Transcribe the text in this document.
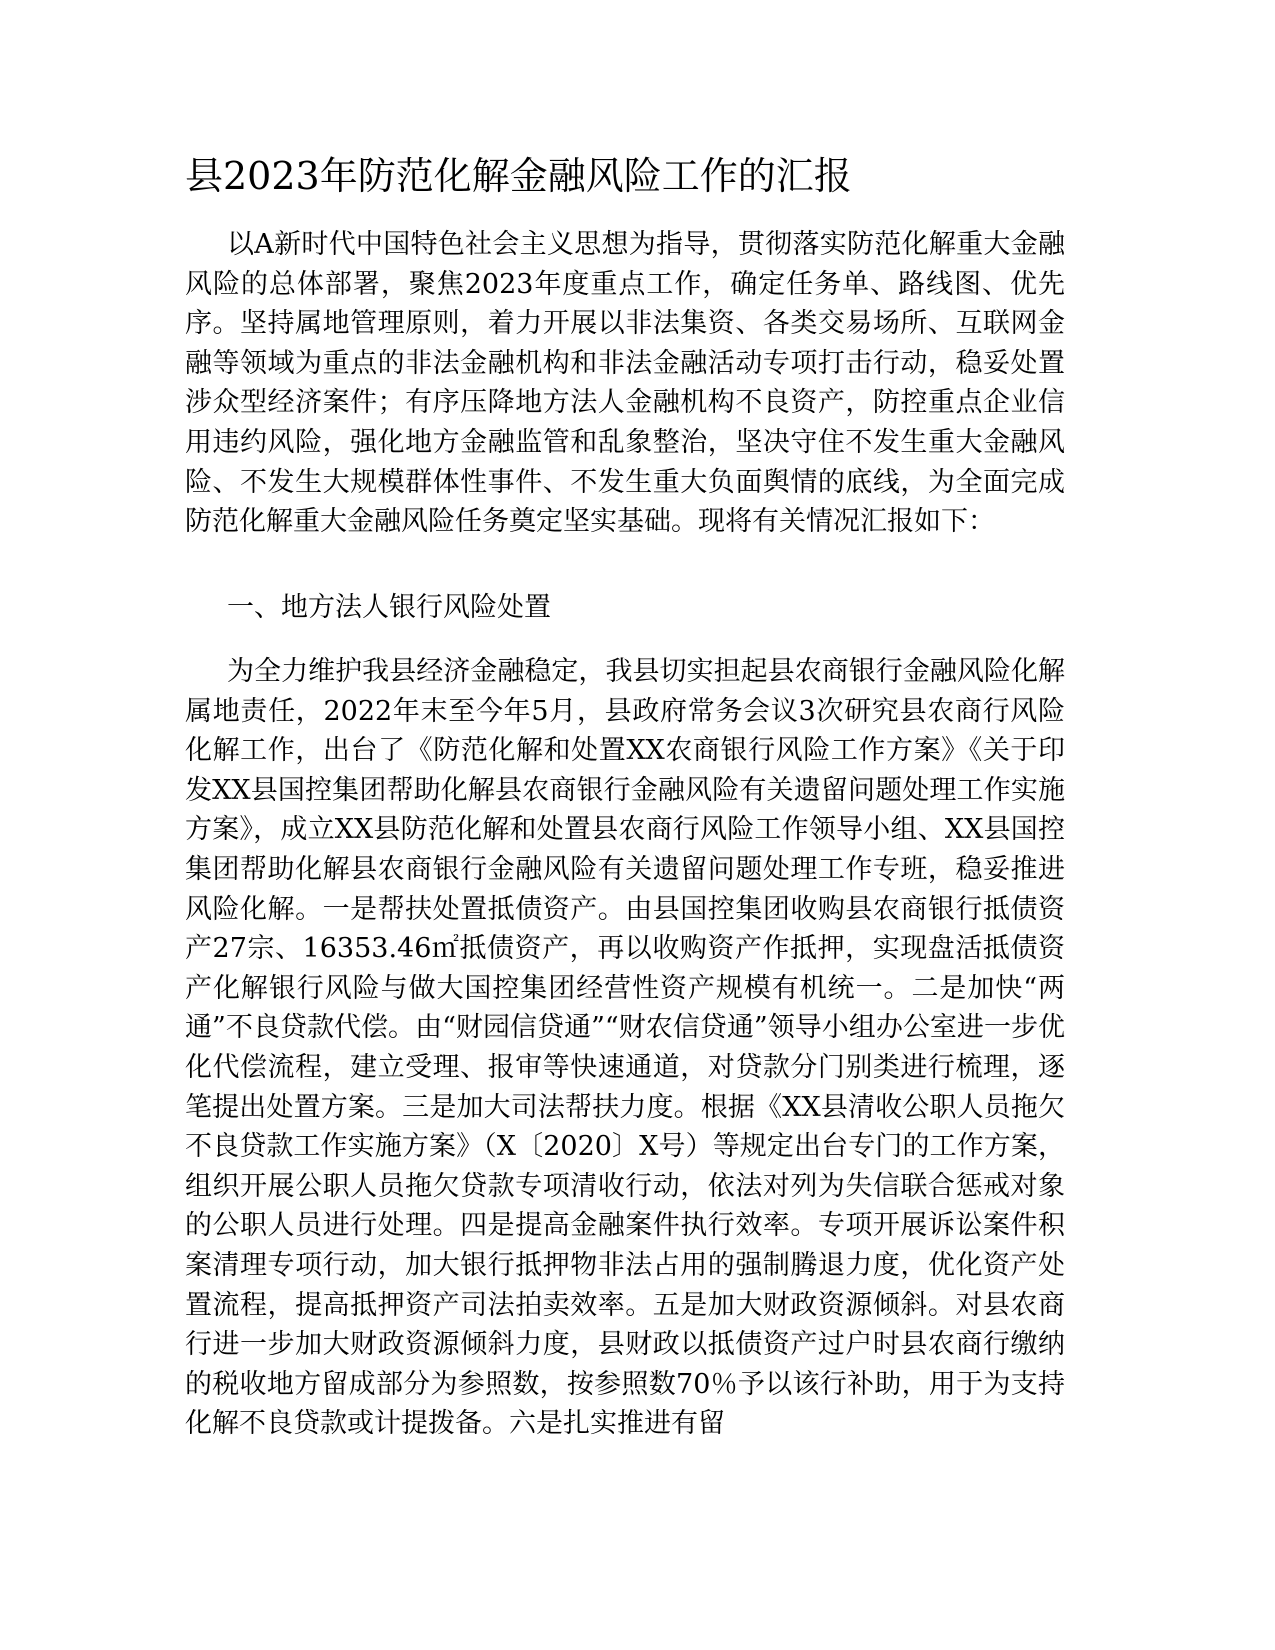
县2023年防范化解金融风险工作的汇报

以A新时代中国特色社会主义思想为指导，贯彻落实防范化解重大金融风险的总体部署，聚焦2023年度重点工作，确定任务单、路线图、优先序。坚持属地管理原则，着力开展以非法集资、各类交易场所、互联网金融等领域为重点的非法金融机构和非法金融活动专项打击行动，稳妥处置涉众型经济案件；有序压降地方法人金融机构不良资产，防控重点企业信用违约风险，强化地方金融监管和乱象整治，坚决守住不发生重大金融风险、不发生大规模群体性事件、不发生重大负面舆情的底线，为全面完成防范化解重大金融风险任务奠定坚实基础。现将有关情况汇报如下：

一、地方法人银行风险处置

为全力维护我县经济金融稳定，我县切实担起县农商银行金融风险化解属地责任，2022年末至今年5月，县政府常务会议3次研究县农商行风险化解工作，出台了《防范化解和处置XX农商银行风险工作方案》《关于印发XX县国控集团帮助化解县农商银行金融风险有关遗留问题处理工作实施方案》，成立XX县防范化解和处置县农商行风险工作领导小组、XX县国控集团帮助化解县农商银行金融风险有关遗留问题处理工作专班，稳妥推进风险化解。一是帮扶处置抵债资产。由县国控集团收购县农商银行抵债资产27宗、16353.46㎡抵债资产，再以收购资产作抵押，实现盘活抵债资产化解银行风险与做大国控集团经营性资产规模有机统一。二是加快“两通”不良贷款代偿。由“财园信贷通”“财农信贷通”领导小组办公室进一步优化代偿流程，建立受理、报审等快速通道，对贷款分门别类进行梳理，逐笔提出处置方案。三是加大司法帮扶力度。根据《XX县清收公职人员拖欠不良贷款工作实施方案》（X〔2020〕X号）等规定出台专门的工作方案，组织开展公职人员拖欠贷款专项清收行动，依法对列为失信联合惩戒对象的公职人员进行处理。四是提高金融案件执行效率。专项开展诉讼案件积案清理专项行动，加大银行抵押物非法占用的强制腾退力度，优化资产处置流程，提高抵押资产司法拍卖效率。五是加大财政资源倾斜。对县农商行进一步加大财政资源倾斜力度，县财政以抵债资产过户时县农商行缴纳的税收地方留成部分为参照数，按参照数70％予以该行补助，用于为支持化解不良贷款或计提拨备。六是扎实推进有留
